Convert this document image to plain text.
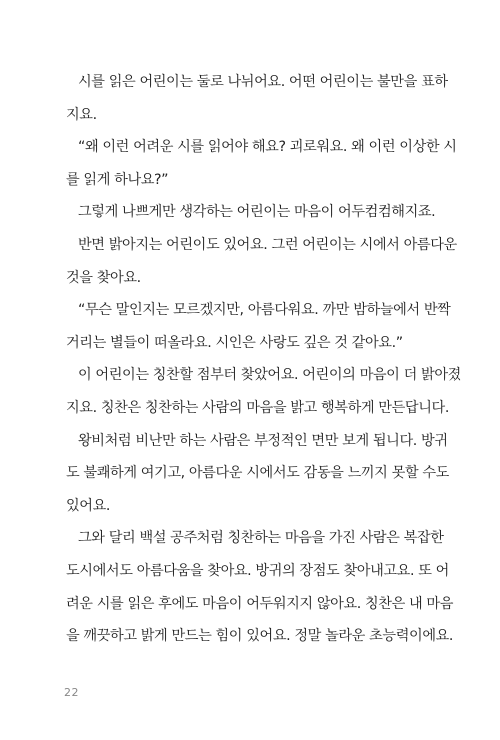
시를 읽은 어린이는 둘로 나뉘어요. 어떤 어린이는 불만을 표하
지요.
“왜 이런 어려운 시를 읽어야 해요? 괴로워요. 왜 이런 이상한 시
를 읽게 하나요?”
그렇게 나쁘게만 생각하는 어린이는 마음이 어두컴컴해지죠.
반면 밝아지는 어린이도 있어요. 그런 어린이는 시에서 아름다운
것을 찾아요.
“무슨 말인지는 모르겠지만, 아름다워요. 까만 밤하늘에서 반짝
거리는 별들이 떠올라요. 시인은 사랑도 깊은 것 같아요.”
이 어린이는 칭찬할 점부터 찾았어요. 어린이의 마음이 더 밝아졌
지요. 칭찬은 칭찬하는 사람의 마음을 밝고 행복하게 만든답니다.
왕비처럼 비난만 하는 사람은 부정적인 면만 보게 됩니다. 방귀
도 불쾌하게 여기고, 아름다운 시에서도 감동을 느끼지 못할 수도
있어요.
그와 달리 백설 공주처럼 칭찬하는 마음을 가진 사람은 복잡한
도시에서도 아름다움을 찾아요. 방귀의 장점도 찾아내고요. 또 어
려운 시를 읽은 후에도 마음이 어두워지지 않아요. 칭찬은 내 마음
을 깨끗하고 밝게 만드는 힘이 있어요. 정말 놀라운 초능력이에요.
22
